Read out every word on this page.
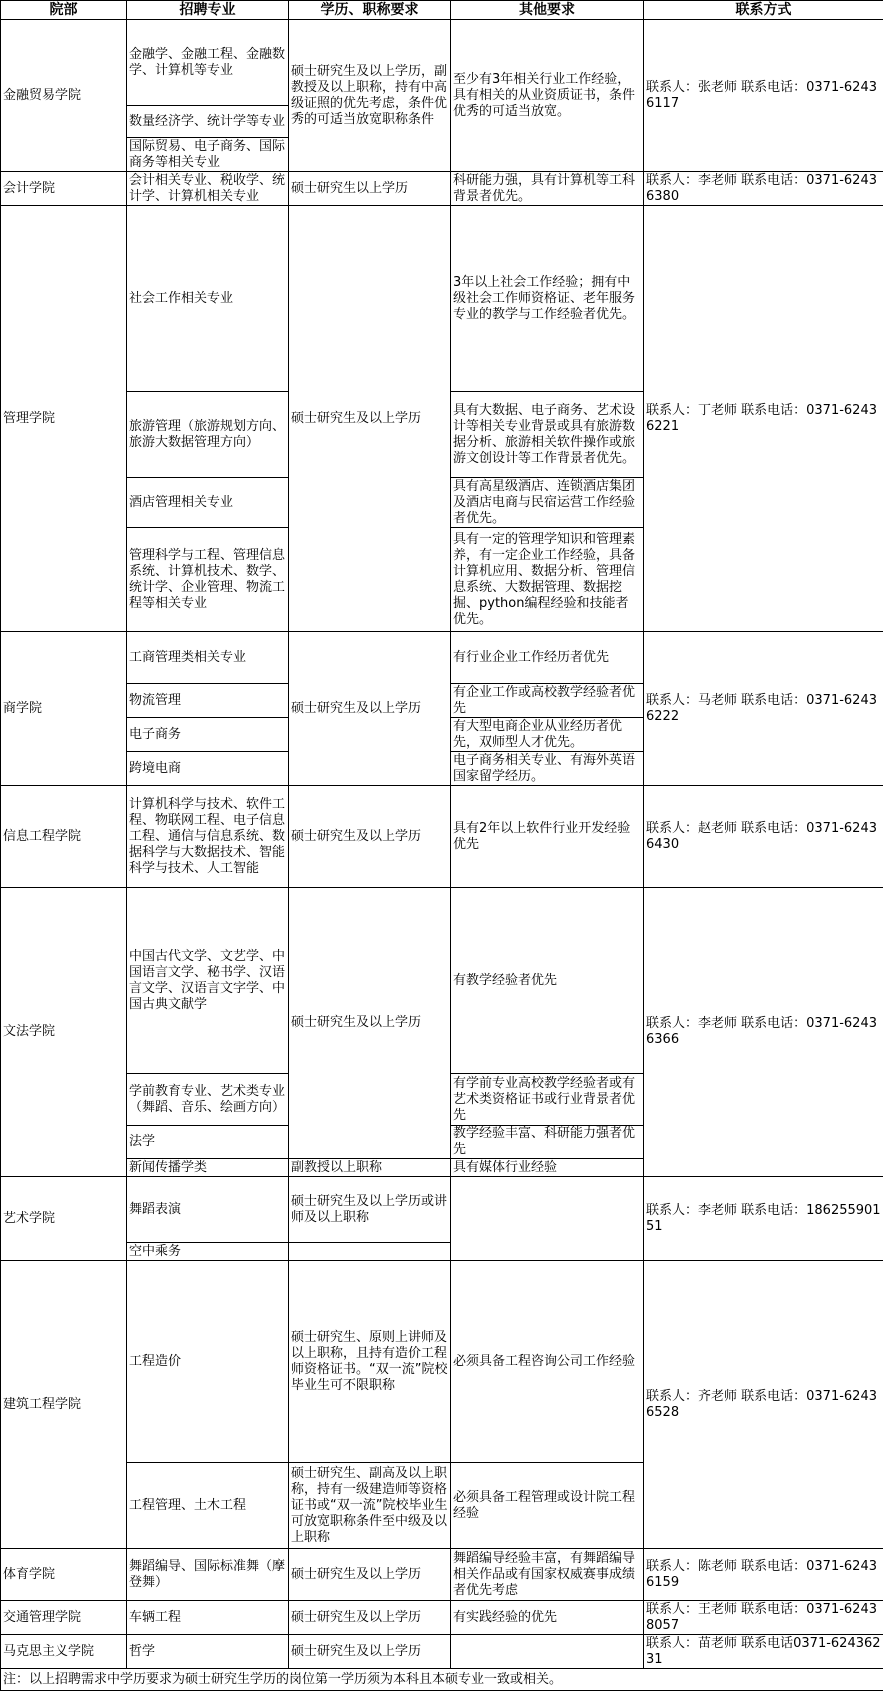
院部	招聘专业	学历、职称要求	其他要求	联系方式
金融贸易学院	金融学、金融工程、金融数学、计算机等专业	硕士研究生及以上学历，副教授及以上职称，持有中高级证照的优先考虑，条件优秀的可适当放宽职称条件	至少有3年相关行业工作经验，具有相关的从业资质证书，条件优秀的可适当放宽。	联系人：张老师 联系电话：0371-62436117
	数量经济学、统计学等专业			
	国际贸易、电子商务、国际商务等相关专业			
会计学院	会计相关专业、税收学、统计学、计算机相关专业	硕士研究生以上学历	科研能力强，具有计算机等工科背景者优先。	联系人：李老师 联系电话：0371-62436380
管理学院	社会工作相关专业	硕士研究生及以上学历	3年以上社会工作经验；拥有中级社会工作师资格证、老年服务专业的教学与工作经验者优先。	联系人：丁老师 联系电话：0371-62436221
	旅游管理（旅游规划方向、旅游大数据管理方向）		具有大数据、电子商务、艺术设计等相关专业背景或具有旅游数据分析、旅游相关软件操作或旅游文创设计等工作背景者优先。	
	酒店管理相关专业		具有高星级酒店、连锁酒店集团及酒店电商与民宿运营工作经验者优先。	
	管理科学与工程、管理信息系统、计算机技术、数学、统计学、企业管理、物流工程等相关专业		具有一定的管理学知识和管理素养，有一定企业工作经验，具备计算机应用、数据分析、管理信息系统、大数据管理、数据挖掘、python编程经验和技能者优先。	
商学院	工商管理类相关专业	硕士研究生及以上学历	有行业企业工作经历者优先	联系人：马老师 联系电话：0371-62436222
	物流管理		有企业工作或高校教学经验者优先	
	电子商务		有大型电商企业从业经历者优先，双师型人才优先。	
	跨境电商		电子商务相关专业、有海外英语国家留学经历。	
信息工程学院	计算机科学与技术、软件工程、物联网工程、电子信息工程、通信与信息系统、数据科学与大数据技术、智能科学与技术、人工智能	硕士研究生及以上学历	具有2年以上软件行业开发经验优先	联系人：赵老师 联系电话：0371-62436430
文法学院	中国古代文学、文艺学、中国语言文学、秘书学、汉语言文学、汉语言文字学、中国古典文献学	硕士研究生及以上学历	有教学经验者优先	联系人：李老师 联系电话：0371-62436366
	学前教育专业、艺术类专业（舞蹈、音乐、绘画方向）		有学前专业高校教学经验者或有艺术类资格证书或行业背景者优先	
	法学		教学经验丰富、科研能力强者优先	
	新闻传播学类	副教授以上职称	具有媒体行业经验	
艺术学院	舞蹈表演	硕士研究生及以上学历或讲师及以上职称		联系人：李老师 联系电话：18625590151
	空中乘务			
建筑工程学院	工程造价	硕士研究生、原则上讲师及以上职称，且持有造价工程师资格证书。“双一流”院校毕业生可不限职称	必须具备工程咨询公司工作经验	联系人：齐老师 联系电话：0371-62436528
	工程管理、土木工程	硕士研究生、副高及以上职称，持有一级建造师等资格证书或“双一流”院校毕业生可放宽职称条件至中级及以上职称	必须具备工程管理或设计院工程经验	
体育学院	舞蹈编导、国际标准舞（摩登舞）	硕士研究生及以上学历	舞蹈编导经验丰富，有舞蹈编导相关作品或有国家权威赛事成绩者优先考虑	联系人：陈老师 联系电话：0371-62436159
交通管理学院	车辆工程	硕士研究生及以上学历	有实践经验的优先	联系人：王老师 联系电话：0371-62438057
马克思主义学院	哲学	硕士研究生及以上学历		联系人：苗老师 联系电话0371-62436231
注：以上招聘需求中学历要求为硕士研究生学历的岗位第一学历须为本科且本硕专业一致或相关。				
